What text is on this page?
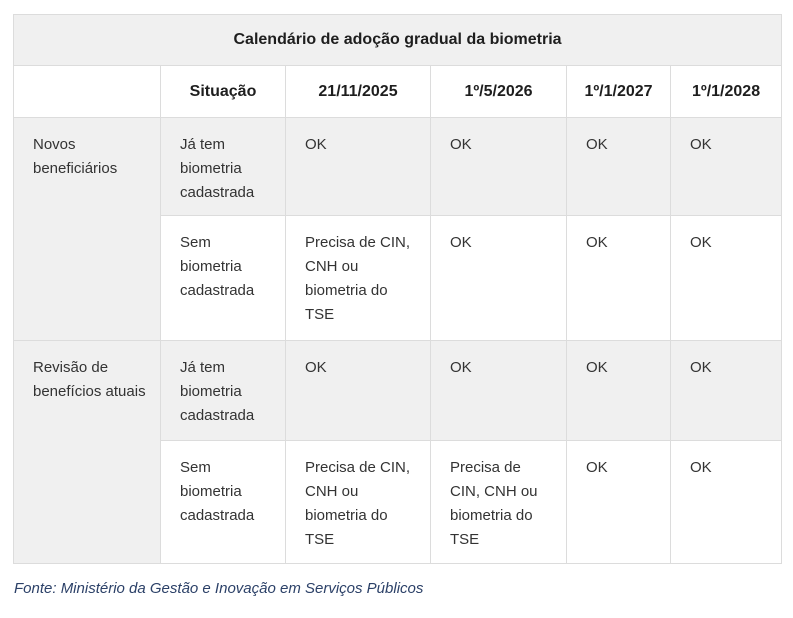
Calendário de adoção gradual da biometria					
	Situação	21/11/2025	1º/5/2026	1º/1/2027	1º/1/2028
Novos beneficiários	Já tem biometria cadastrada	OK	OK	OK	OK
	Sem biometria cadastrada	Precisa de CIN, CNH ou biometria do TSE	OK	OK	OK
Revisão de benefícios atuais	Já tem biometria cadastrada	OK	OK	OK	OK
	Sem biometria cadastrada	Precisa de CIN, CNH ou biometria do TSE	Precisa de CIN, CNH ou biometria do TSE	OK	OK

Fonte: Ministério da Gestão e Inovação em Serviços Públicos
